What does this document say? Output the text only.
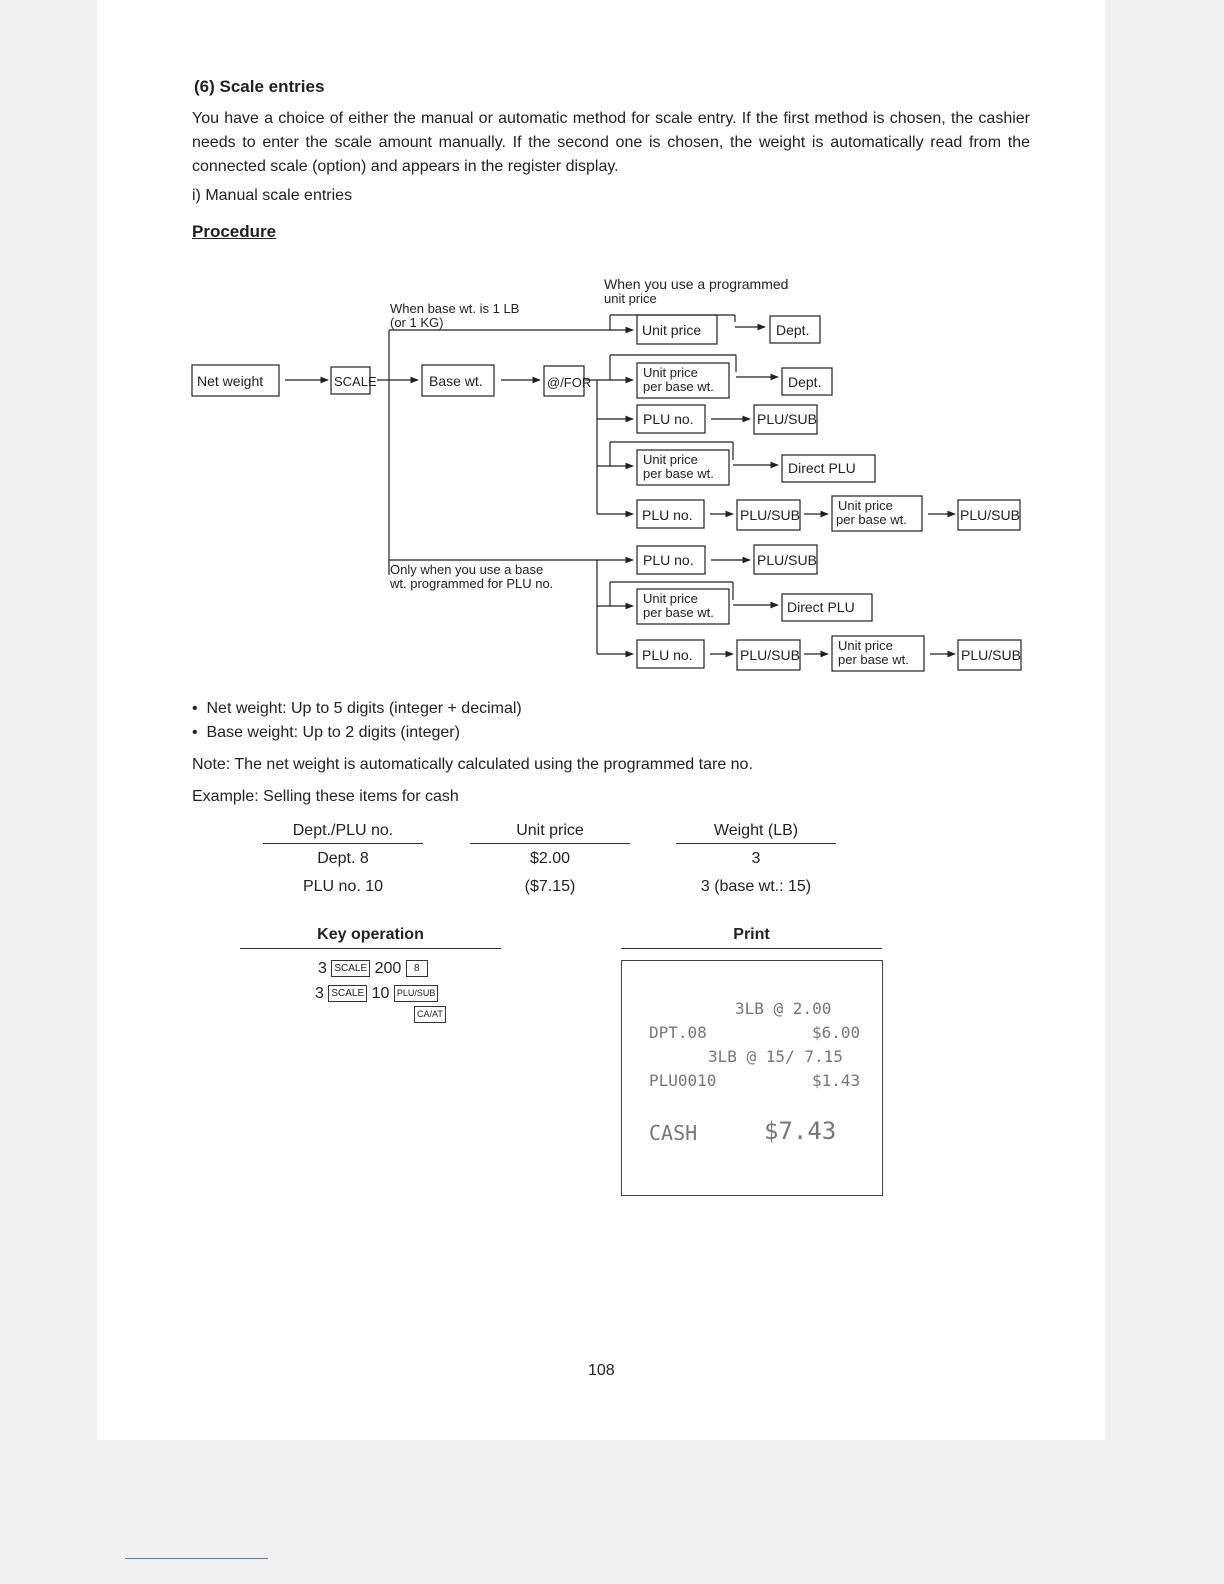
(6) Scale entries
You have a choice of either the manual or automatic method for scale entry. If the first method is chosen, the cashier needs to enter the scale amount manually. If the second one is chosen, the weight is automatically read from the connected scale (option) and appears in the register display.
i) Manual scale entries
Procedure
When you use a programmed
unit price
When base wt. is 1 LB
(or 1 KG)
Only when you use a base
wt. programmed for PLU no.
Net weight	SCALE	Base wt.	@/FOR
Unit price	Dept.
Unit price
per base wt.	Dept.
PLU no.	PLU/SUB
Unit price
per base wt.	Direct PLU
PLU no.	PLU/SUB
Unit price
per base wt.	PLU/SUB
PLU no.	PLU/SUB
Unit price
per base wt.	Direct PLU
PLU no.	PLU/SUB
Unit price
per base wt.	PLU/SUB
•  Net weight: Up to 5 digits (integer + decimal)
•  Base weight: Up to 2 digits (integer)
Note: The net weight is automatically calculated using the programmed tare no.
Example: Selling these items for cash
Dept./PLU no.	Unit price	Weight (LB)
Dept. 8	$2.00	3
PLU no. 10	($7.15)	3 (base wt.: 15)
Key operation
3 SCALE 200 8
3 SCALE 10 PLU/SUB
CA/AT
Print
3LB @ 2.00
DPT.08	$6.00
3LB @ 15/ 7.15
PLU0010	$1.43
CASH	$7.43
108
